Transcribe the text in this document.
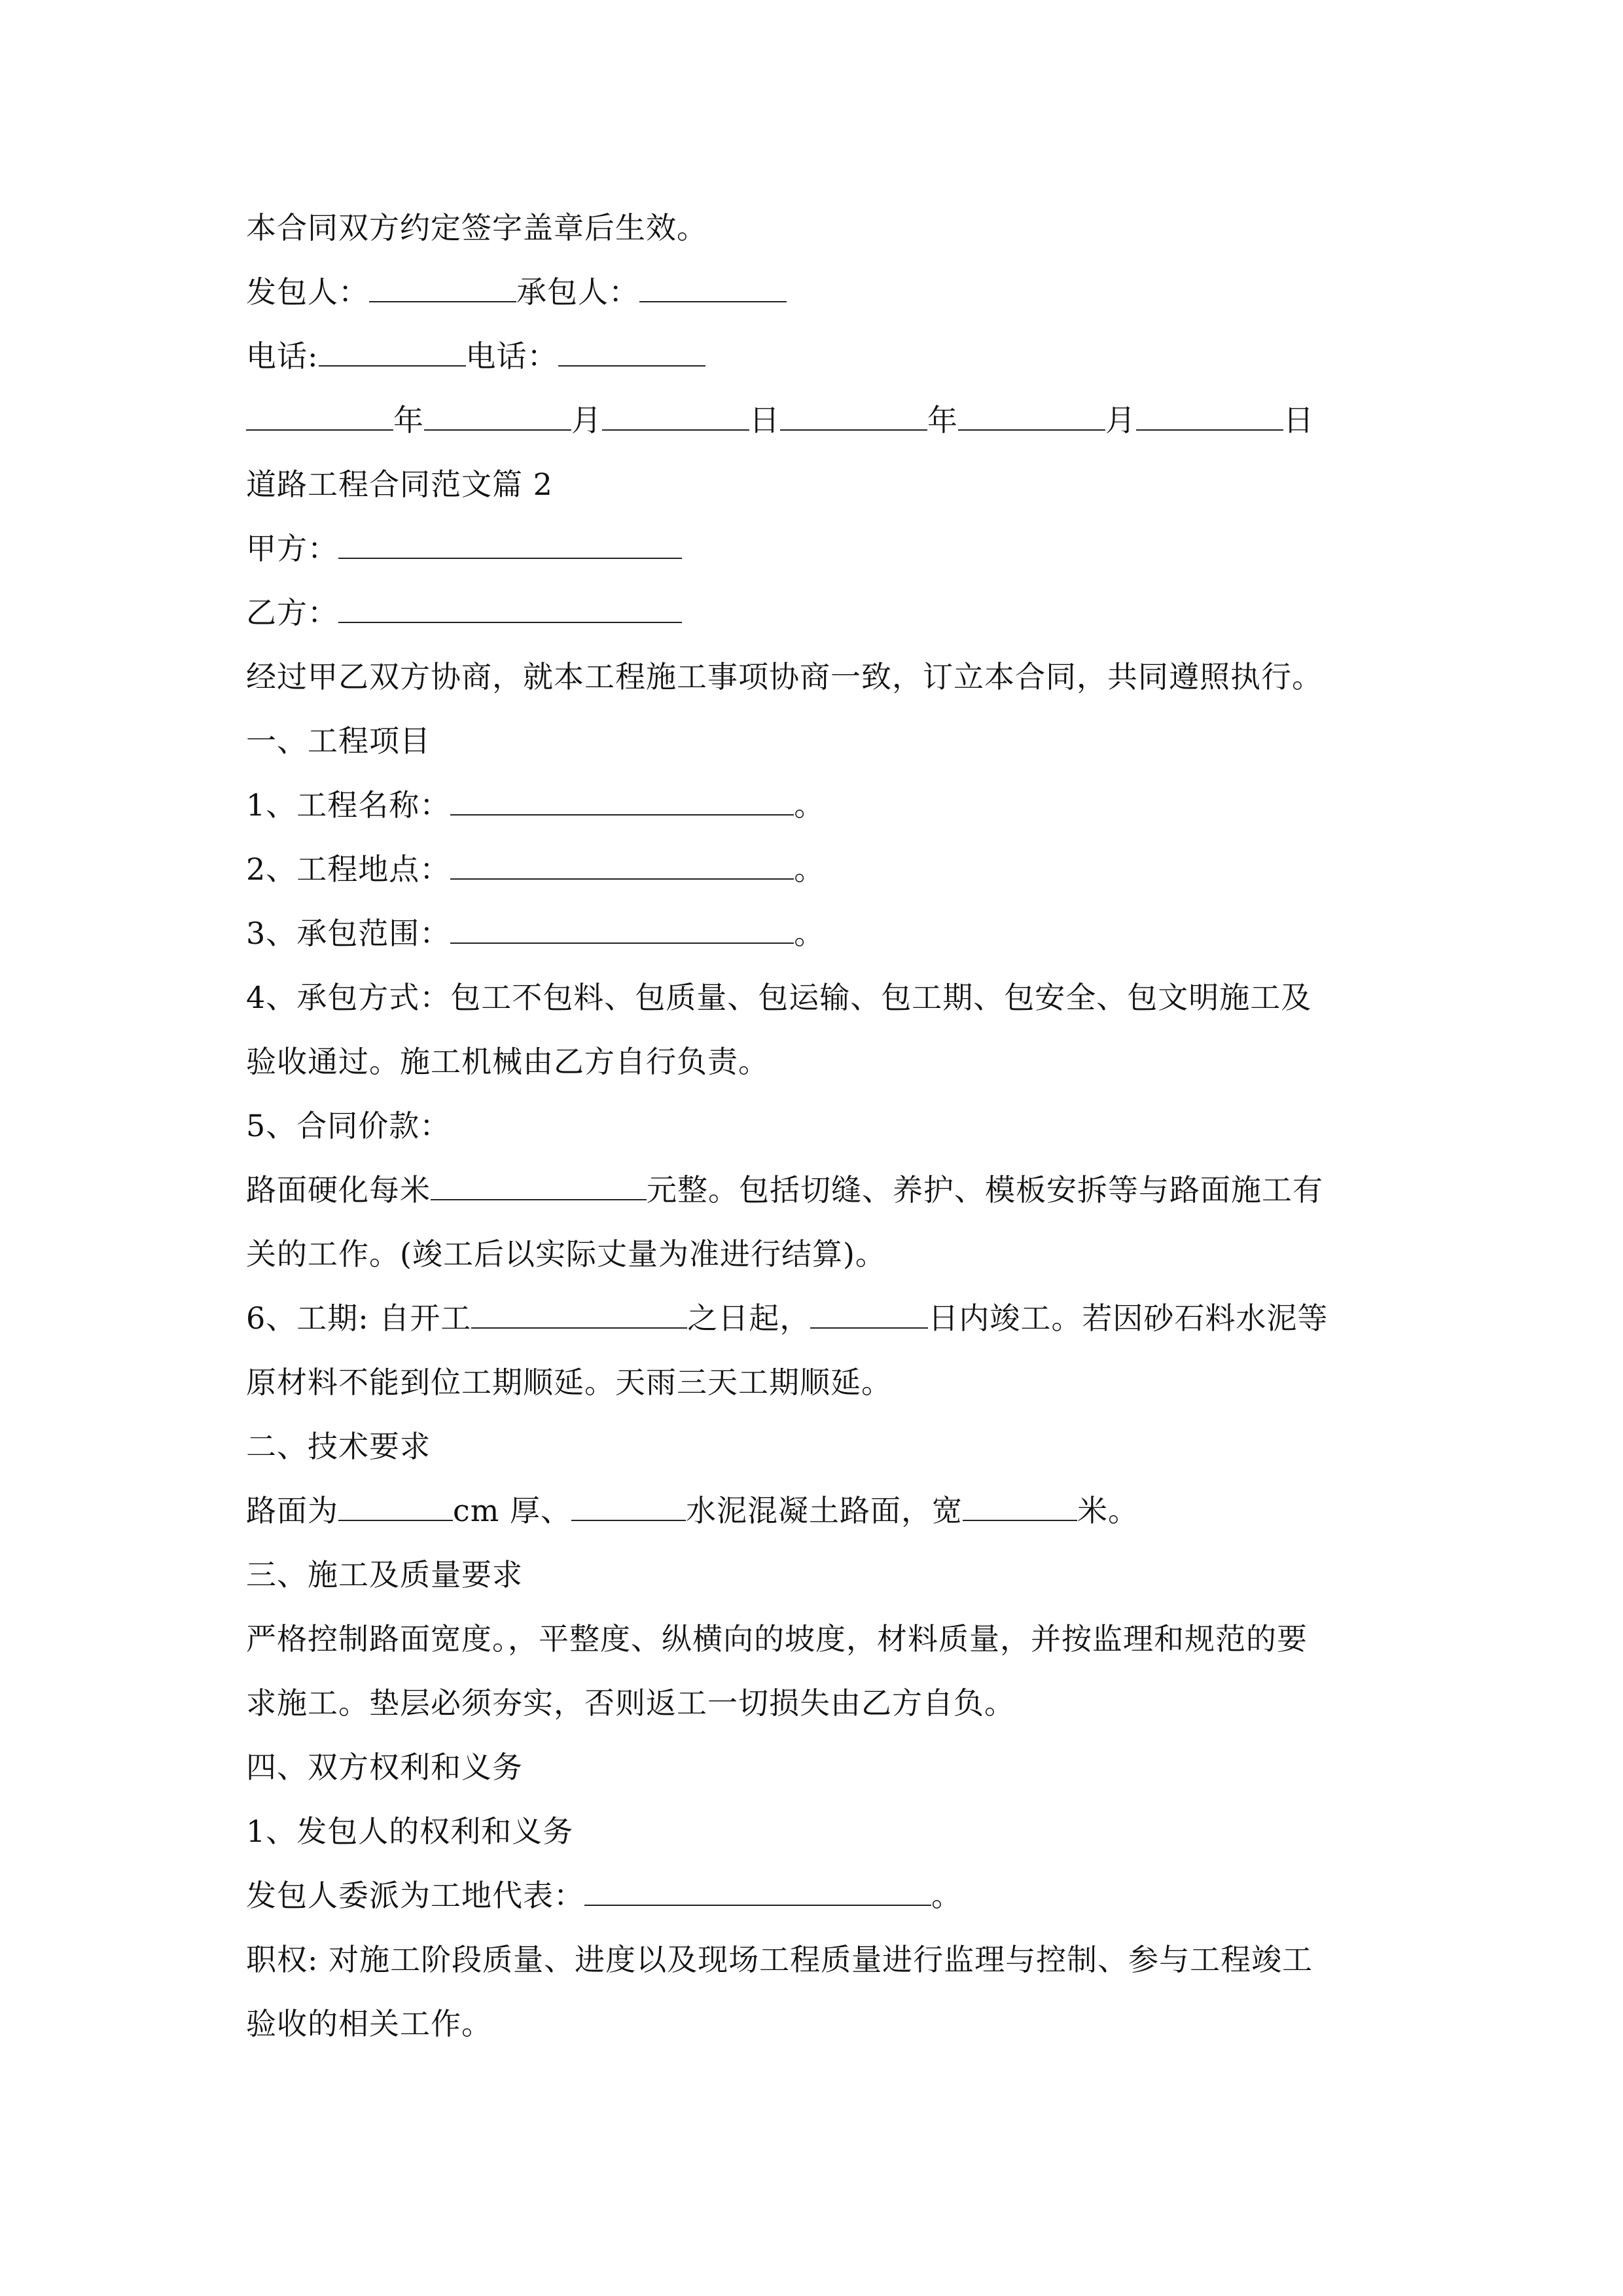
本合同双方约定签字盖章后生效。
发包人：	承包人：
电话:	电话：
年	月	日	年	月	日
道路工程合同范文篇 2
甲方：
乙方：
经过甲乙双方协商，就本工程施工事项协商一致，订立本合同，共同遵照执行。
一、工程项目
1、工程名称：	。
2、工程地点：	。
3、承包范围：	。
4、承包方式：包工不包料、包质量、包运输、包工期、包安全、包文明施工及
验收通过。施工机械由乙方自行负责。
5、合同价款：
路面硬化每米	元整。包括切缝、养护、模板安拆等与路面施工有
关的工作。(竣工后以实际丈量为准进行结算)。
6、工期: 自开工	之日起，	日内竣工。若因砂石料水泥等
原材料不能到位工期顺延。天雨三天工期顺延。
二、技术要求
路面为	cm 厚、	水泥混凝土路面，宽	米。
三、施工及质量要求
严格控制路面宽度。，平整度、纵横向的坡度，材料质量，并按监理和规范的要
求施工。垫层必须夯实，否则返工一切损失由乙方自负。
四、双方权利和义务
1、发包人的权利和义务
发包人委派为工地代表：	。
职权: 对施工阶段质量、进度以及现场工程质量进行监理与控制、参与工程竣工
验收的相关工作。
